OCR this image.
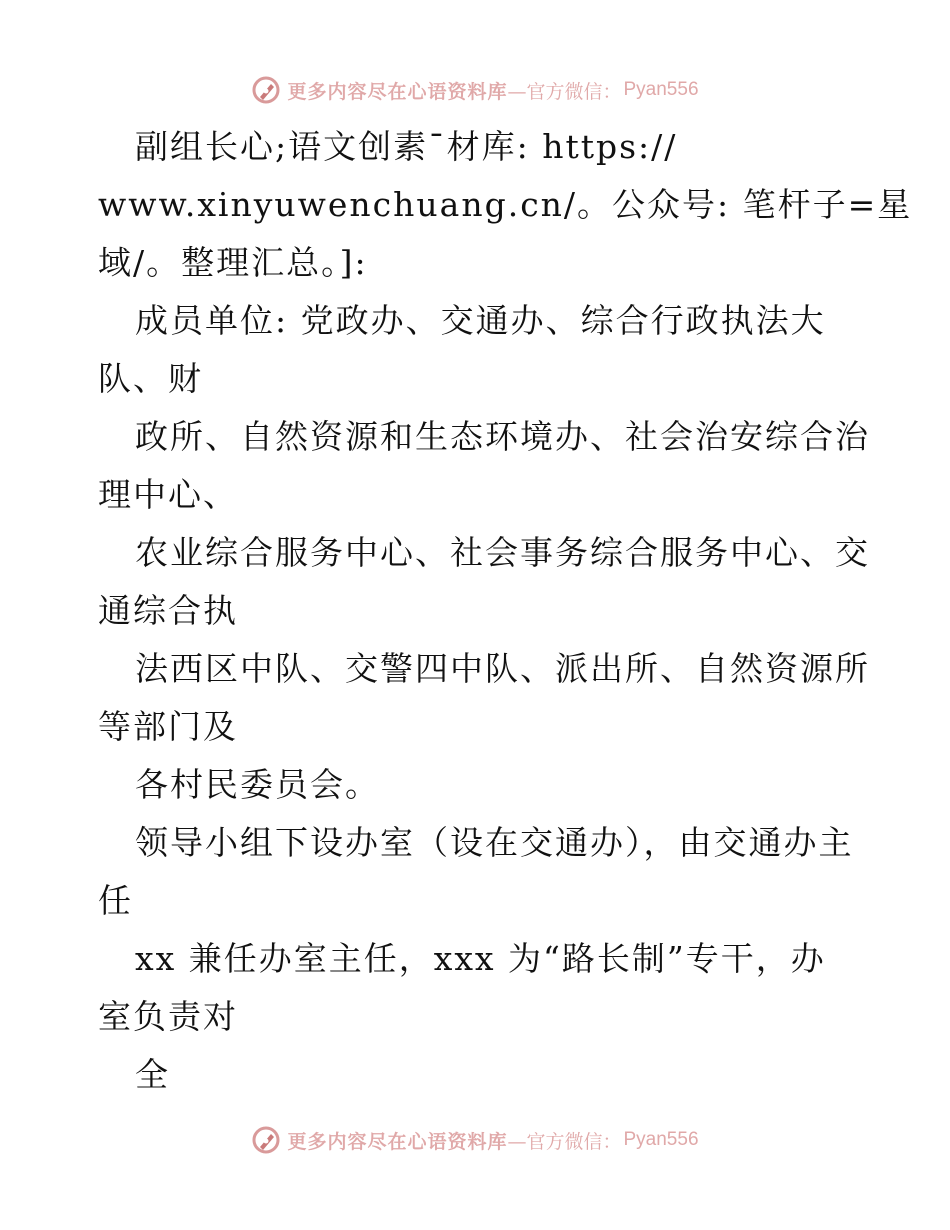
更多内容尽在心语资料库 —官方微信： Pyan556
副组长心;语文创素¯材库: https://
www.xinyuwenchuang.cn/。公众号: 笔杆子=星
域/。整理汇总。]:
成员单位: 党政办、交通办、综合行政执法大
队、财
政所、自然资源和生态环境办、社会治安综合治
理中心、
农业综合服务中心、社会事务综合服务中心、交
通综合执
法西区中队、交警四中队、派出所、自然资源所
等部门及
各村民委员会。
领导小组下设办室（设在交通办），由交通办主
任
xx 兼任办室主任，xxx 为“路长制”专干，办
室负责对
全
更多内容尽在心语资料库 —官方微信： Pyan556
